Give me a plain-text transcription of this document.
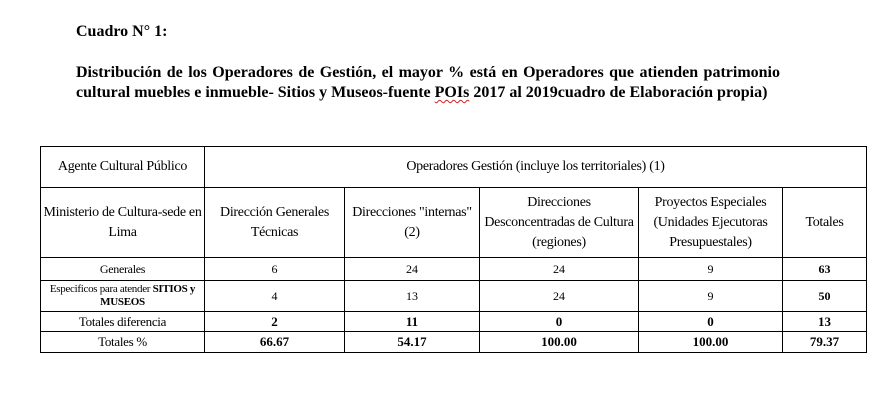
Cuadro N° 1:
Distribución de los Operadores de Gestión, el mayor % está en Operadores que atienden patrimonio cultural muebles e inmueble- Sitios y Museos-fuente POIs 2017 al 2019cuadro de Elaboración propia)
Agente Cultural Público	Operadores Gestión (incluye los territoriales) (1)				
Ministerio de Cultura-sede en Lima	Dirección Generales Técnicas	Direcciones "internas"(2)	Direcciones Desconcentradas de Cultura (regiones)	Proyectos Especiales (Unidades Ejecutoras Presupuestales)	Totales
Generales	6	24	24	9	63
Especificos para atender SITIOS y MUSEOS	4	13	24	9	50
Totales diferencia	2	11	0	0	13
Totales %	66.67	54.17	100.00	100.00	79.37
